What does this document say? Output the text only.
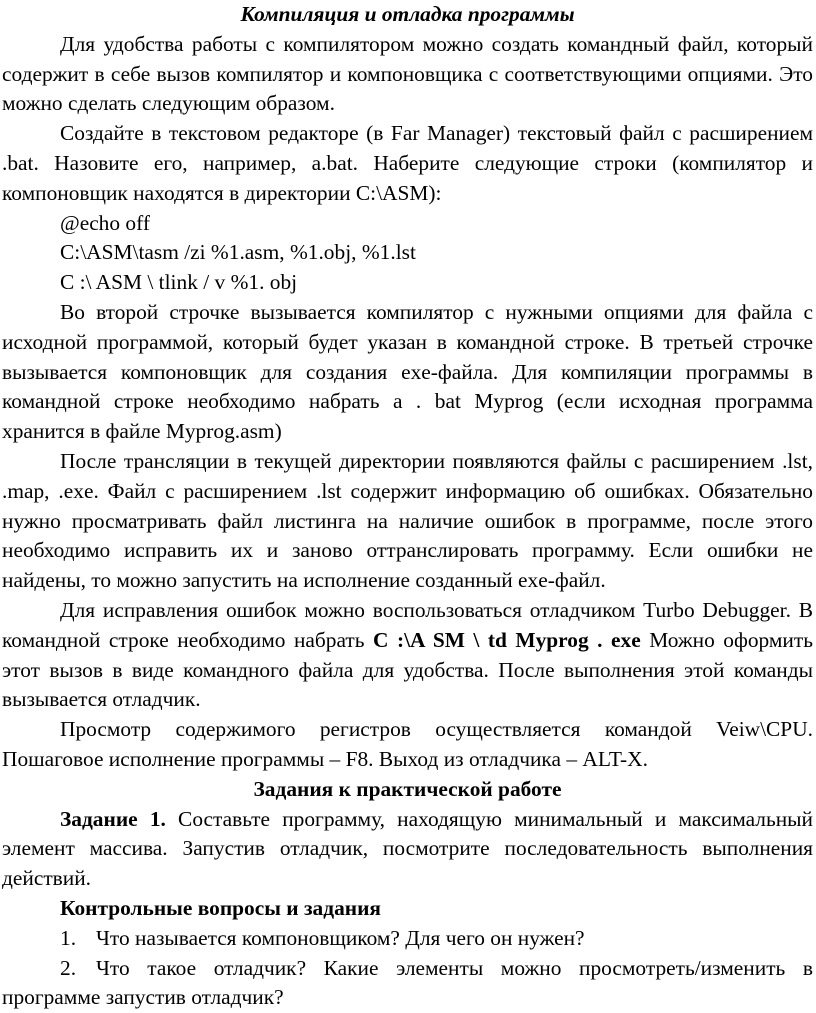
Компиляция и отладка программы

Для удобства работы с компилятором можно создать командный файл, который содержит в себе вызов компилятор и компоновщика с соответствующими опциями. Это можно сделать следующим образом.

Создайте в текстовом редакторе (в Far Manager) текстовый файл с расширением .bat. Назовите его, например, a.bat. Наберите следующие строки (компилятор и компоновщик находятся в директории C:\ASM):

@echo off

C:\ASM\tasm /zi %1.asm, %1.obj, %1.lst

C :\ ASM \ tlink / v %1. obj

Во второй строчке вызывается компилятор с нужными опциями для файла с исходной программой, который будет указан в командной строке. В третьей строчке вызывается компоновщик для создания exe-файла. Для компиляции программы в командной строке необходимо набрать a . bat Myprog (если исходная программа хранится в файле Myprog.asm)

После трансляции в текущей директории появляются файлы с расширением .lst, .map, .exe. Файл с расширением .lst содержит информацию об ошибках. Обязательно нужно просматривать файл листинга на наличие ошибок в программе, после этого необходимо исправить их и заново оттранслировать программу. Если ошибки не найдены, то можно запустить на исполнение созданный exe-файл.

Для исправления ошибок можно воспользоваться отладчиком Turbo Debugger. В командной строке необходимо набрать C :\A SM \ td Myprog . exe Можно оформить этот вызов в виде командного файла для удобства. После выполнения этой команды вызывается отладчик.

Просмотр содержимого регистров осуществляется командой Veiw\CPU. Пошаговое исполнение программы – F8. Выход из отладчика – ALT-X.

Задания к практической работе

Задание 1. Составьте программу, находящую минимальный и максимальный элемент массива. Запустив отладчик, посмотрите последовательность выполнения действий.

Контрольные вопросы и задания

1. Что называется компоновщиком? Для чего он нужен?

2. Что такое отладчик? Какие элементы можно просмотреть/изменить в программе запустив отладчик?
